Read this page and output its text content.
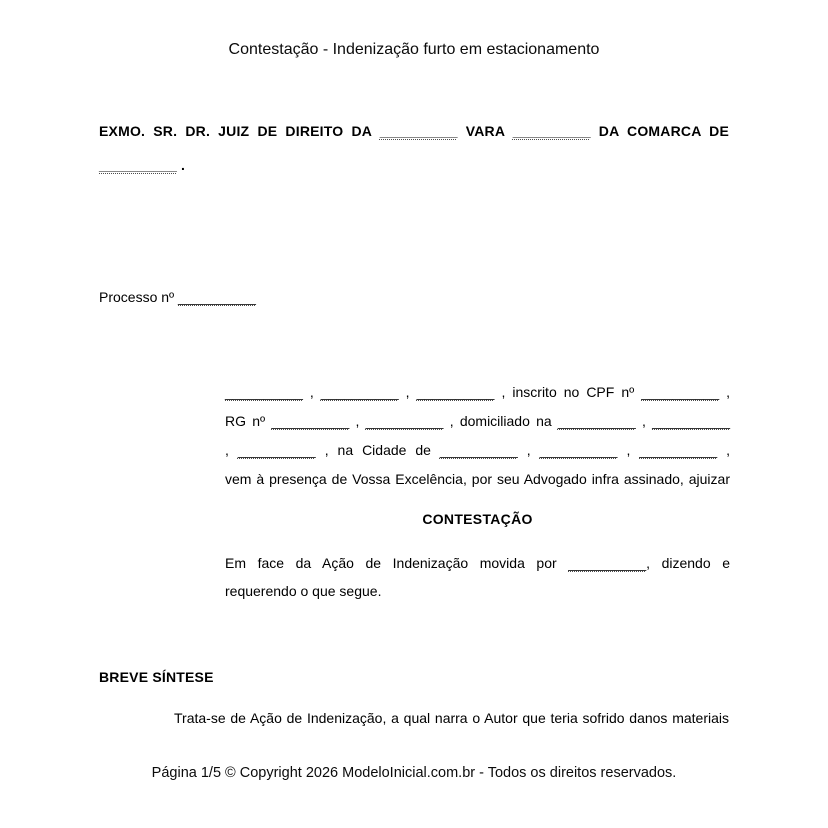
Contestação - Indenização furto em estacionamento
EXMO. SR. DR. JUIZ DE DIREITO DA __________ VARA __________ DA COMARCA DE
__________ .
Processo nº __________
__________ , __________ , __________ , inscrito no CPF nº __________ ,
RG nº __________ , __________ , domiciliado na __________ , __________
, __________ , na Cidade de __________ , __________ , __________ ,
vem à presença de Vossa Excelência, por seu Advogado infra assinado, ajuizar
CONTESTAÇÃO
Em face da Ação de Indenização movida por __________, dizendo e
requerendo o que segue.
BREVE SÍNTESE
Trata-se de Ação de Indenização, a qual narra o Autor que teria sofrido danos materiais
Página 1/5 © Copyright 2026 ModeloInicial.com.br - Todos os direitos reservados.
